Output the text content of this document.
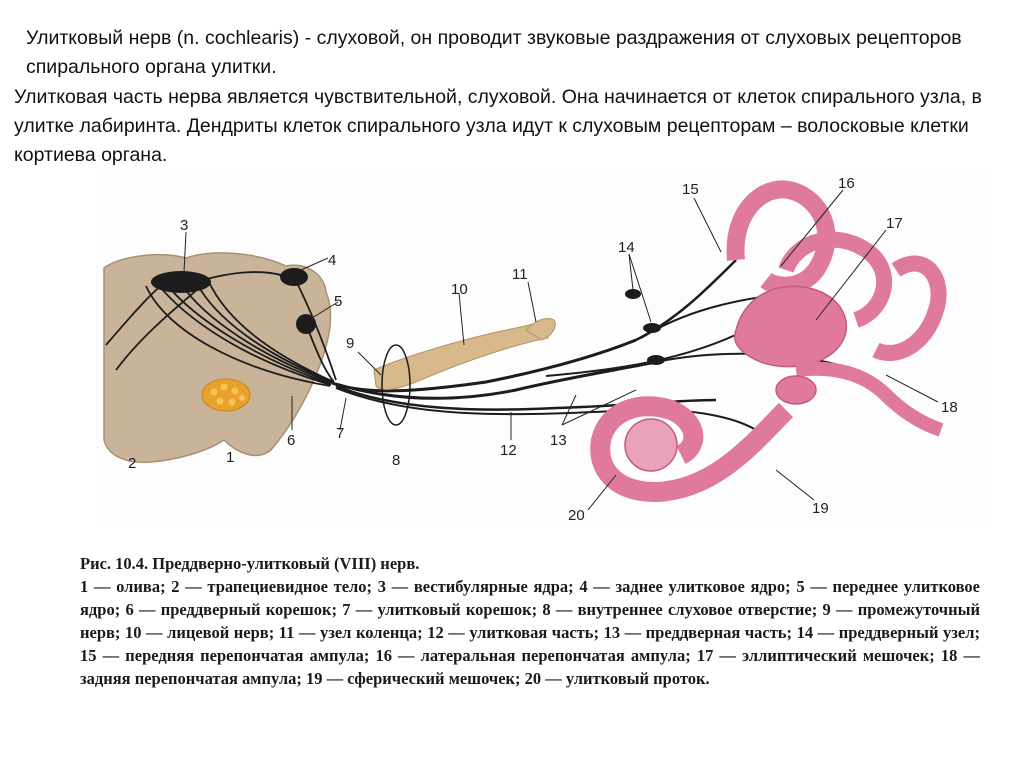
Улитковый нерв (n. cochlearis) - слуховой, он проводит звуковые раздражения от слуховых рецепторов спирального органа улитки.
Улитковая часть нерва является чувствительной, слуховой. Она начинается от клеток спирального узла, в улитке лабиринта. Дендриты клеток спирального узла идут к слуховым рецепторам – волосковые клетки кортиева органа.
3
4
5
1
2
6	7
9
10
11
8
12
13
14
15	16
17
18
19
20
Рис. 10.4. Преддверно-улитковый (VIII) нерв.
1 — олива; 2 — трапециевидное тело; 3 — вестибулярные ядра; 4 — заднее улитковое ядро; 5 — переднее улитковое ядро; 6 — преддверный корешок; 7 — улитковый корешок; 8 — внутреннее слуховое отверстие; 9 — промежуточный нерв; 10 — лицевой нерв; 11 — узел коленца; 12 — улитковая часть; 13 — преддверная часть; 14 — преддверный узел; 15 — передняя перепончатая ампула; 16 — латеральная перепончатая ампула; 17 — эллиптический мешочек; 18 — задняя перепончатая ампула; 19 — сферический мешочек; 20 — улитковый проток.
